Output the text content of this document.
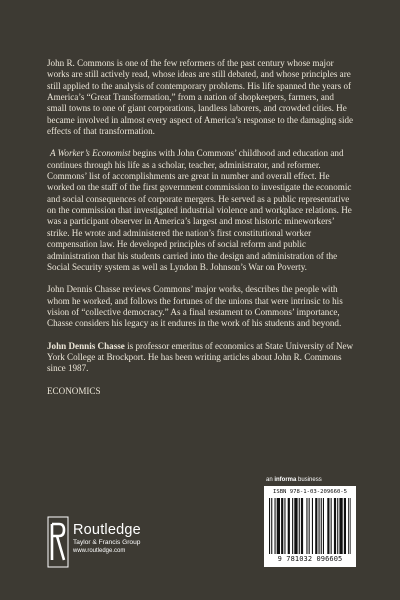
John R. Commons is one of the few reformers of the past century whose major works are still actively read, whose ideas are still debated, and whose principles are still applied to the analysis of contemporary problems. His life spanned the years of America’s “Great Transformation,” from a nation of shopkeepers, farmers, and small towns to one of giant corporations, landless laborers, and crowded cities. He became involved in almost every aspect of America’s response to the damaging side effects of that transformation.

A Worker’s Economist begins with John Commons’ childhood and education and continues through his life as a scholar, teacher, administrator, and reformer. Commons’ list of accomplishments are great in number and overall effect. He worked on the staff of the first government commission to investigate the economic and social consequences of corporate mergers. He served as a public representative on the commission that investigated industrial violence and workplace relations. He was a participant observer in America’s largest and most historic mineworkers’ strike. He wrote and administered the nation’s first constitutional worker compensation law. He developed principles of social reform and public administration that his students carried into the design and administration of the Social Security system as well as Lyndon B. Johnson’s War on Poverty.

John Dennis Chasse reviews Commons’ major works, describes the people with whom he worked, and follows the fortunes of the unions that were intrinsic to his vision of “collective democracy.” As a final testament to Commons’ importance, Chasse considers his legacy as it endures in the work of his students and beyond.

John Dennis Chasse is professor emeritus of economics at State University of New York College at Brockport. He has been writing articles about John R. Commons since 1987.

ECONOMICS

an informa business
ISBN 978-1-03-209660-5
9 781032 096605
Routledge
Taylor & Francis Group
www.routledge.com
